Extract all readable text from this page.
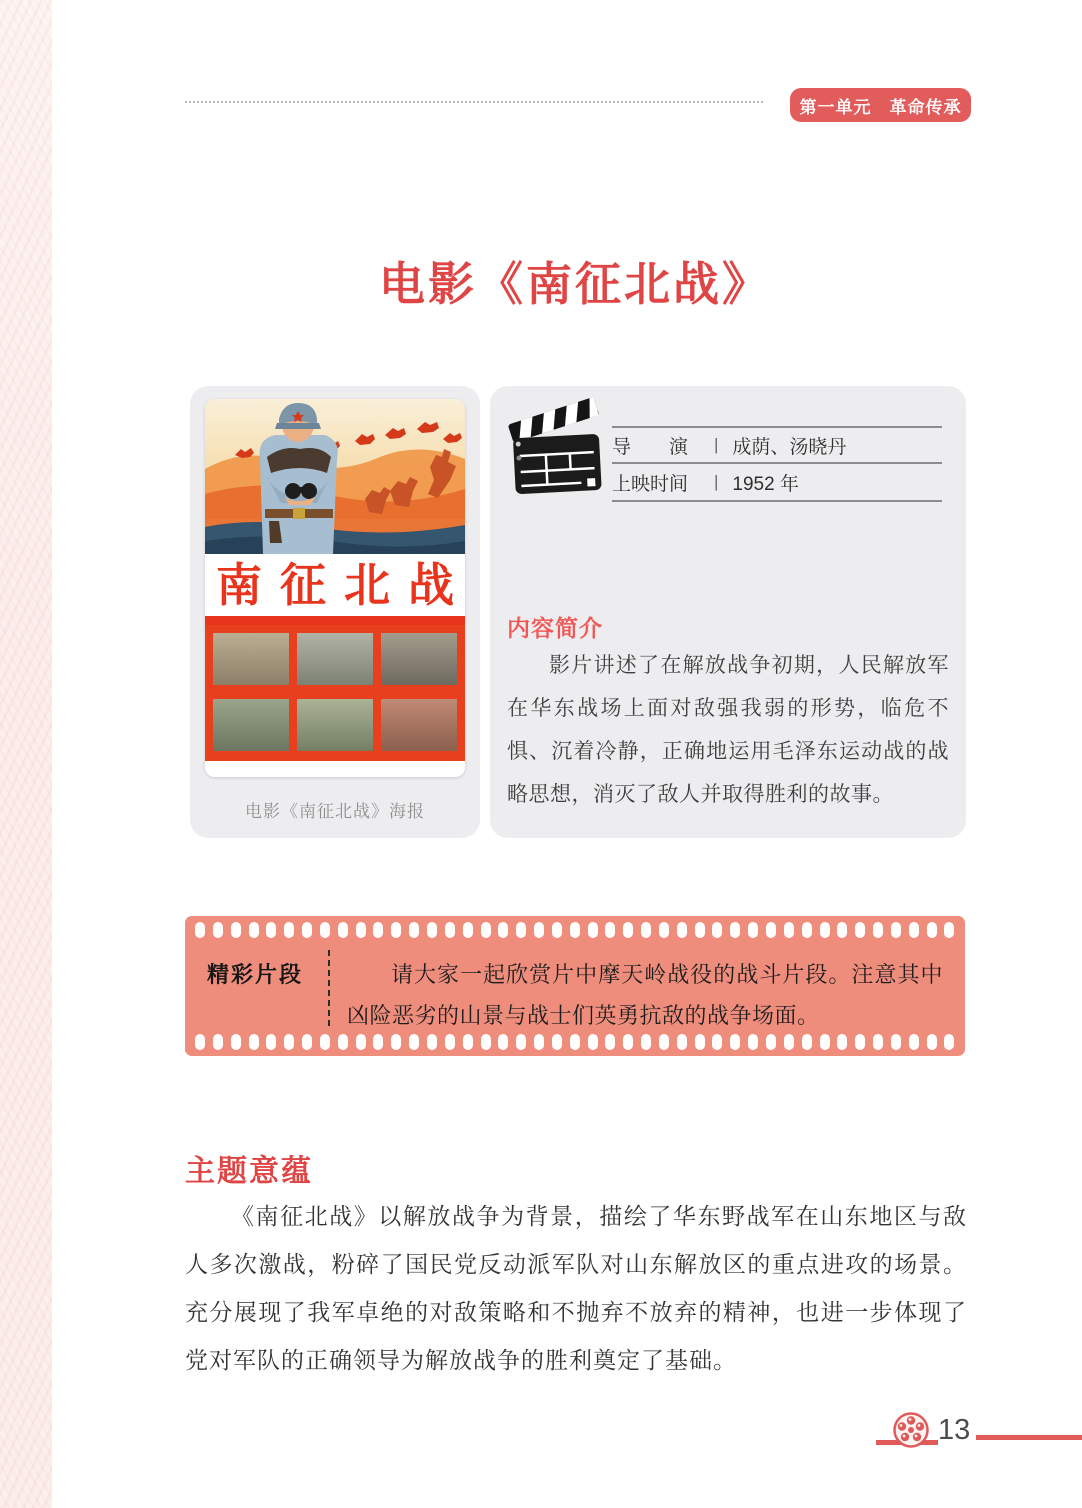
第一单元　革命传承
电影《南征北战》
南征北战
电影《南征北战》海报
导　　演	| 成荫、汤晓丹
上映时间	| 1952 年
内容简介

影片讲述了在解放战争初期，人民解放军在华东战场上面对敌强我弱的形势，临危不惧、沉着冷静，正确地运用毛泽东运动战的战略思想，消灭了敌人并取得胜利的故事。

精彩片段	请大家一起欣赏片中摩天岭战役的战斗片段。注意其中凶险恶劣的山景与战士们英勇抗敌的战争场面。

主题意蕴

《南征北战》以解放战争为背景，描绘了华东野战军在山东地区与敌人多次激战，粉碎了国民党反动派军队对山东解放区的重点进攻的场景。充分展现了我军卓绝的对敌策略和不抛弃不放弃的精神，也进一步体现了党对军队的正确领导为解放战争的胜利奠定了基础。

13
